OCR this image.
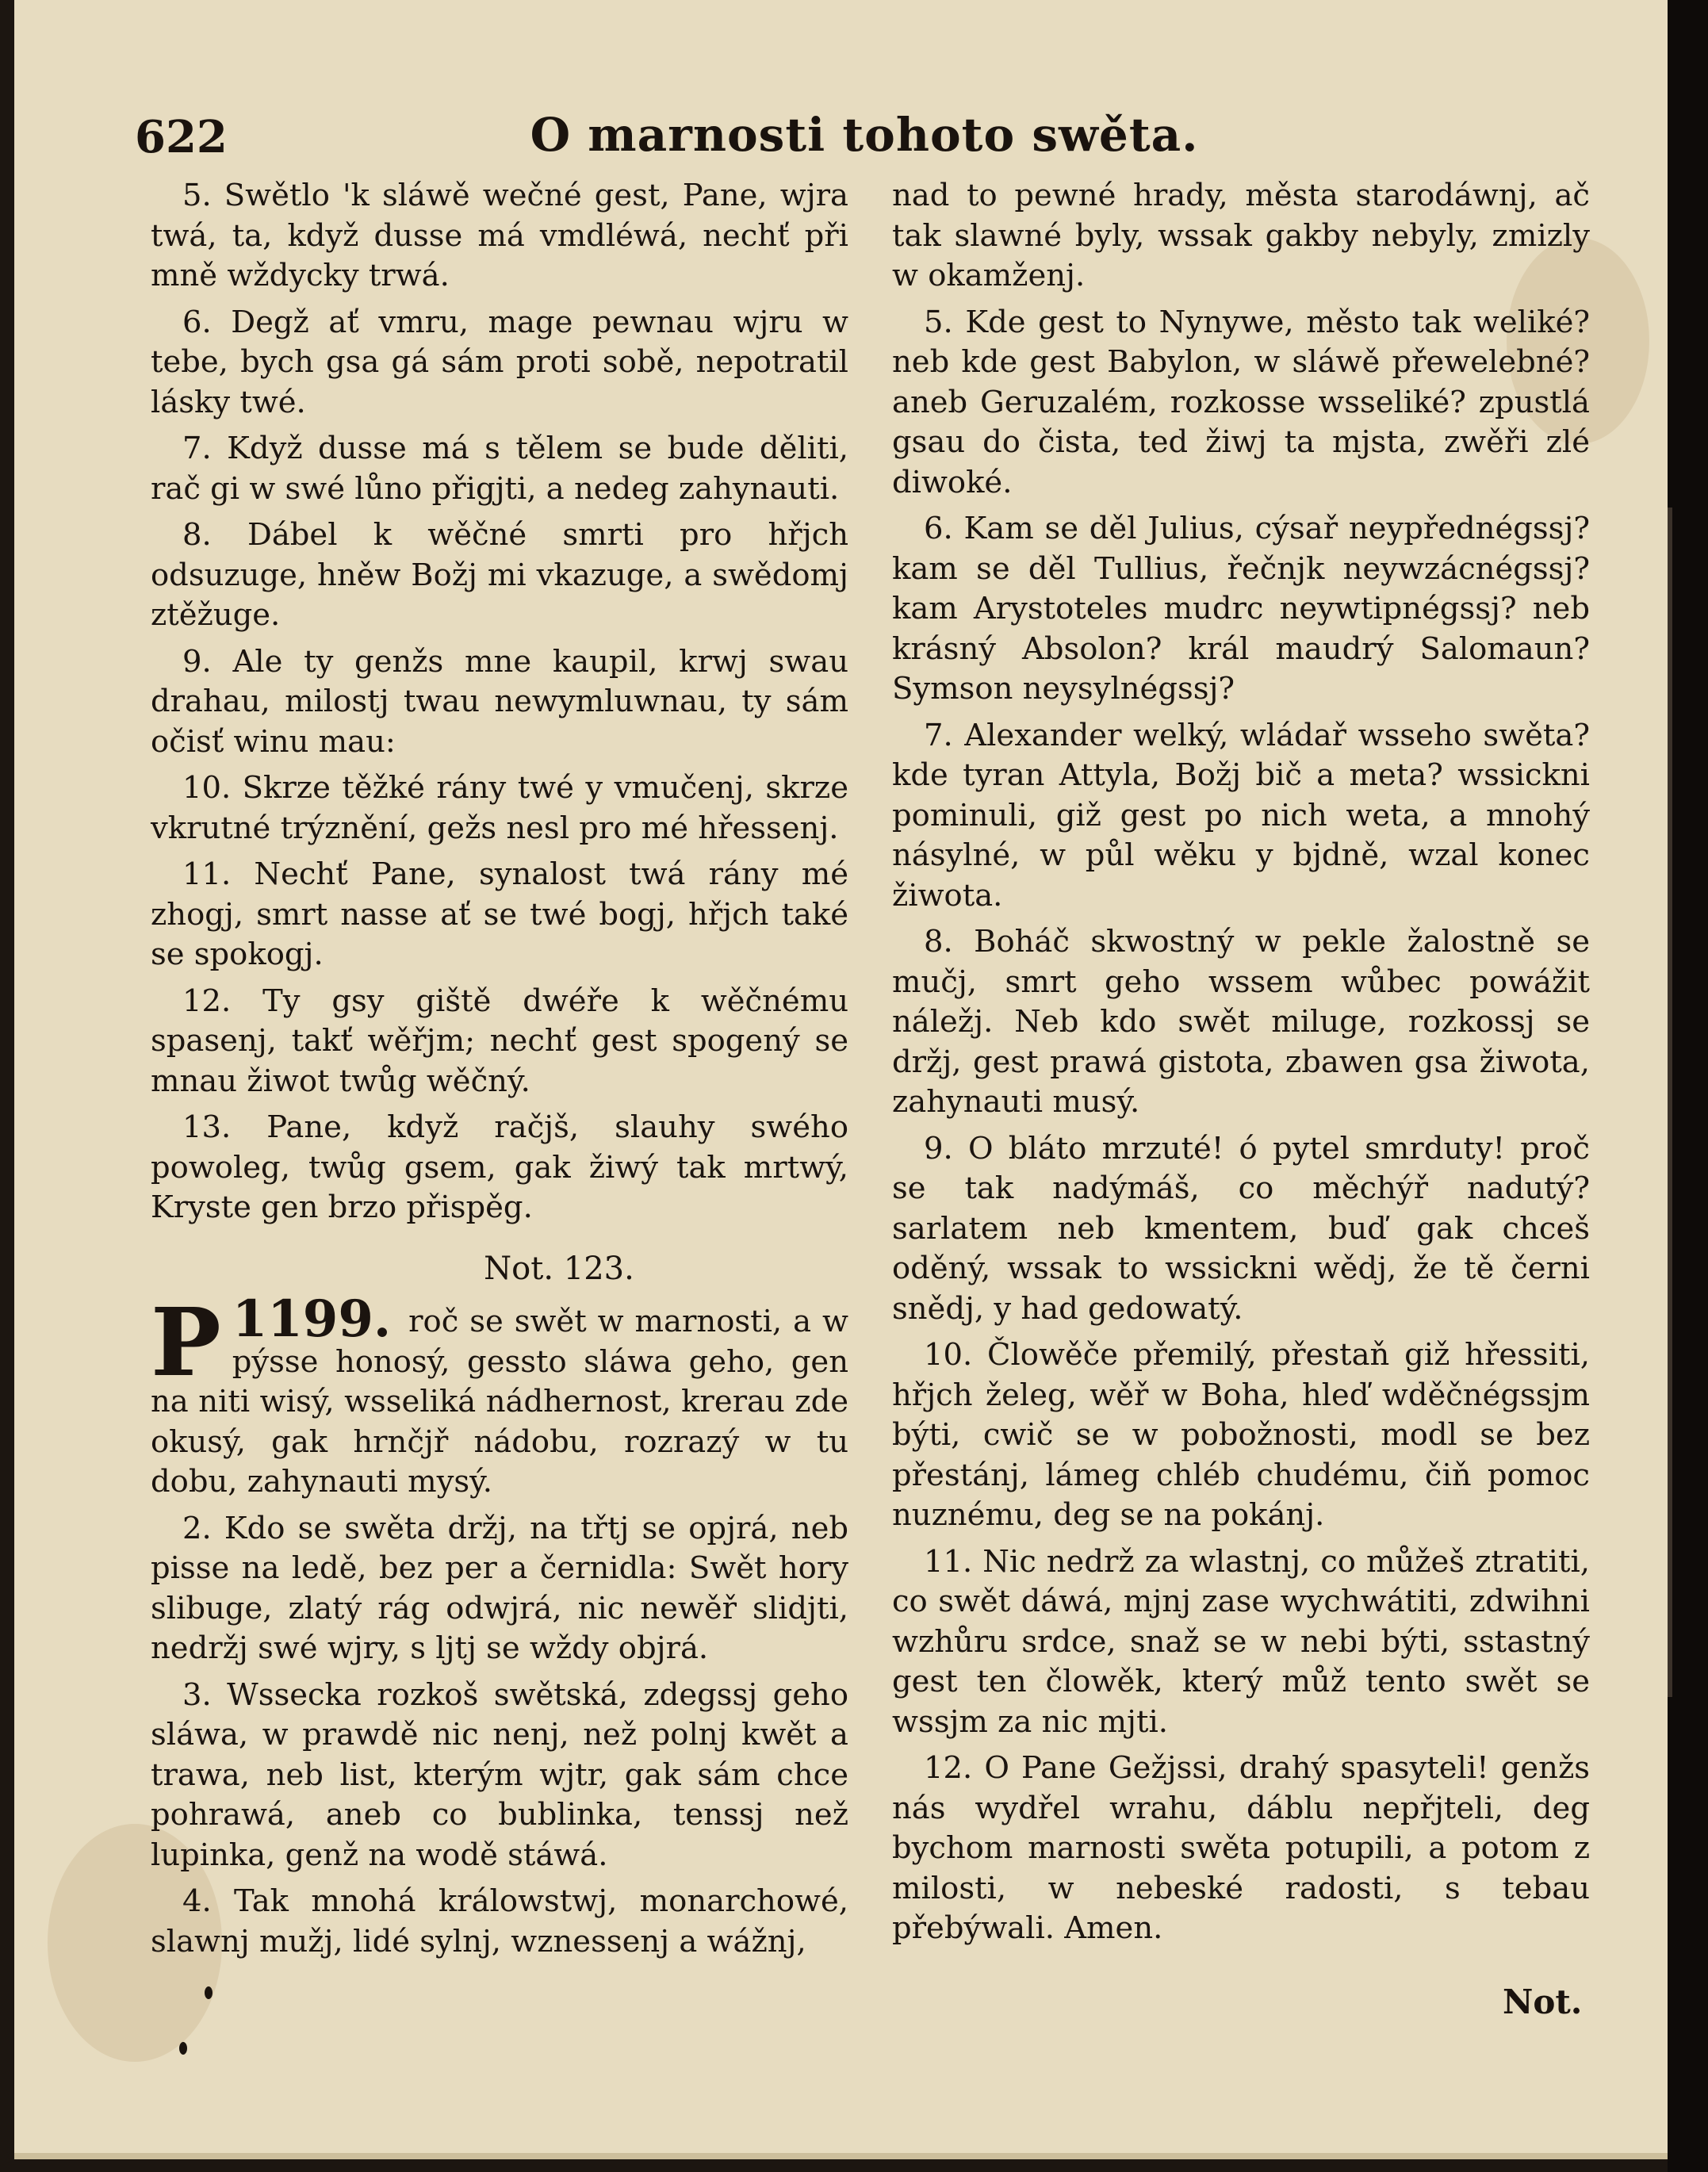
622	O marnosti tohoto swěta.

5. Swětlo 'k sláwě wečné gest, Pane, wjra twá, ta, když dusse má vmdléwá, nechť při mně wždycky trwá.

6. Degž ať vmru, mage pewnau wjru w tebe, bych gsa gá sám proti sobě, nepotratil lásky twé.

7. Když dusse má s tělem se bude děliti, rač gi w swé lůno přigjti, a nedeg zahynauti.

8. Dábel k wěčné smrti pro hřjch odsuzuge, hněw Božj mi vkazuge, a swědomj ztěžuge.

9. Ale ty genžs mne kaupil, krwj swau drahau, milostj twau newymluwnau, ty sám očisť winu mau:

10. Skrze těžké rány twé y vmučenj, skrze vkrutné trýznění, gežs nesl pro mé hřessenj.

11. Nechť Pane, synalost twá rány mé zhogj, smrt nasse ať se twé bogj, hřjch také se spokogj.

12. Ty gsy giště dwéře k wěčnému spasenj, takť wěřjm; nechť gest spogený se mnau žiwot twůg wěčný.

13. Pane, když račjš, slauhy swého powoleg, twůg gsem, gak žiwý tak mrtwý, Kryste gen brzo přispěg.

Not. 123.

1199.
P	roč se swět w marnosti, a w pýsse honosý, gessto sláwa geho, gen na niti wisý, wsseliká nádhernost, krerau zde okusý, gak hrnčjř nádobu, rozrazý w tu dobu, zahynauti mysý.

2. Kdo se swěta držj, na třtj se opjrá, neb pisse na ledě, bez per a černidla: Swět hory slibuge, zlatý rág odwjrá, nic newěř slidjti, nedržj swé wjry, s ljtj se wždy objrá.

3. Wssecka rozkoš swětská, zdegssj geho sláwa, w prawdě nic nenj, než polnj kwět a trawa, neb list, kterým wjtr, gak sám chce pohrawá, aneb co bublinka, tenssj než lupinka, genž na wodě stáwá.

4. Tak mnohá králowstwj, monarchowé, slawnj mužj, lidé sylnj, wznessenj a wážnj,

nad to pewné hrady, města starodáwnj, ač tak slawné byly, wssak gakby nebyly, zmizly w okamženj.

5. Kde gest to Nynywe, město tak weliké? neb kde gest Babylon, w sláwě přewelebné? aneb Geruzalém, rozkosse wsseliké? zpustlá gsau do čista, ted žiwj ta mjsta, zwěři zlé diwoké.

6. Kam se děl Julius, cýsař neypřednégssj? kam se děl Tullius, řečnjk neywzácnégssj? kam Arystoteles mudrc neywtipnégssj? neb krásný Absolon? král maudrý Salomaun? Symson neysylnégssj?

7. Alexander welký, wládař wsseho swěta? kde tyran Attyla, Božj bič a meta? wssickni pominuli, giž gest po nich weta, a mnohý násylné, w půl wěku y bjdně, wzal konec žiwota.

8. Boháč skwostný w pekle žalostně se mučj, smrt geho wssem wůbec powážit náležj. Neb kdo swět miluge, rozkossj se držj, gest prawá gistota, zbawen gsa žiwota, zahynauti musý.

9. O bláto mrzuté! ó pytel smrduty! proč se tak nadýmáš, co měchýř nadutý? sarlatem neb kmentem, buď gak chceš oděný, wssak to wssickni wědj, že tě černi snědj, y had gedowatý.

10. Člowěče přemilý, přestaň giž hřessiti, hřjch želeg, wěř w Boha, hleď wděčnégssjm býti, cwič se w pobožnosti, modl se bez přestánj, lámeg chléb chudému, čiň pomoc nuznému, deg se na pokánj.

11. Nic nedrž za wlastnj, co můžeš ztratiti, co swět dáwá, mjnj zase wychwátiti, zdwihni wzhůru srdce, snaž se w nebi býti, sstastný gest ten člowěk, který můž tento swět se wssjm za nic mjti.

12. O Pane Gežjssi, drahý spasyteli! genžs nás wydřel wrahu, dáblu nepřjteli, deg bychom marnosti swěta potupili, a potom z milosti, w nebeské radosti, s tebau přebýwali. Amen.

Not.
